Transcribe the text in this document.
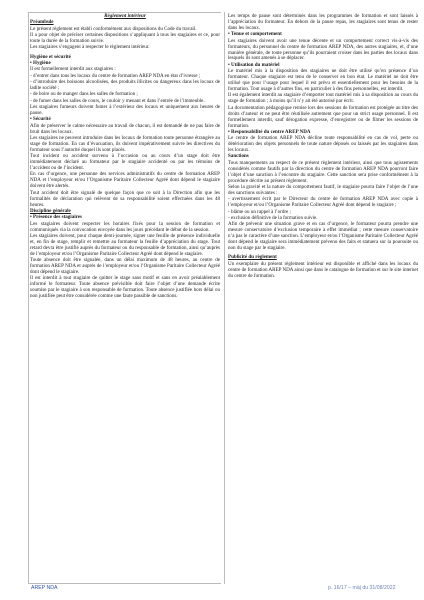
Règlement intérieur

Préambule

Le présent règlement est établi conformément aux dispositions du Code du travail.

Il a pour objet de préciser certaines dispositions s’appliquant à tous les stagiaires et ce, pour toute la durée de la formation suivie.

Les stagiaires s’engagent à respecter le règlement intérieur.

Hygiène et sécurité

• Hygiène

Il est formellement interdit aux stagiaires :

- d’entrer dans tous les locaux du centre de formation AREP NDA en état d’ivresse ;

- d’introduire des boissons alcoolisées, des produits illicites ou dangereux dans les locaux de ladite société ;

- de boire ou de manger dans les salles de formation ;

- de fumer dans les salles de cours, le couloir y menant et dans l’entrée de l’immeuble.

Les stagiaires fumeurs doivent fumer à l’extérieur des locaux et uniquement aux heures de pause.

• Sécurité

Afin de préserver le calme nécessaire au travail de chacun, il est demandé de ne pas faire de bruit dans les locaux.

Les stagiaires ne peuvent introduire dans les locaux de formation toute personne étrangère au stage de formation. En cas d’évacuation, ils doivent impérativement suivre les directives du formateur sous l’autorité duquel ils sont placés.

Tout incident ou accident survenu à l’occasion ou au cours d’un stage doit être immédiatement déclaré au formateur par le stagiaire accidenté ou par les témoins de l’accident ou de l’incident.

En cas d’urgence, une personne des services administratifs du centre de formation AREP NDA et l’employeur et/ou l’Organisme Paritaire Collecteur Agréé dont dépend le stagiaire doivent être alertés.

Tout accident doit être signalé de quelque façon que ce soit à la Direction afin que les formalités de déclaration qui relèvent de sa responsabilité soient effectuées dans les 48 heures.

Discipline générale

• Présence des stagiaires

Les stagiaires doivent respecter les horaires fixés pour la session de formation et communiqués via la convocation envoyée dans les jours précédant le début de la session.

Les stagiaires doivent, pour chaque demi-journée, signer une feuille de présence individuelle et, en fin de stage, remplir et remettre au formateur la feuille d’appréciation du stage. Tout retard devra être justifié auprès du formateur ou du responsable de formation, ainsi qu’auprès de l’employeur et/ou l’Organisme Paritaire Collecteur Agréé dont dépend le stagiaire.

Toute absence doit être signalée, dans un délai maximum de 48 heures, au centre de formation AREP NDA et auprès de l’employeur et/ou l’Organisme Paritaire Collecteur Agréé dont dépend le stagiaire.

Il est interdit à tout stagiaire de quitter le stage sans motif et sans en avoir préalablement informé le formateur. Toute absence prévisible doit faire l’objet d’une demande écrite soumise par le stagiaire à son responsable de formation. Toute absence justifiée hors délai ou non justifiée peut être considérée comme une faute passible de sanctions.

Les temps de pause sont déterminés dans les programmes de formation et sont laissés à l’appréciation du formateur. En dehors de la pause repas, les stagiaires sont tenus de rester dans les locaux.

• Tenue et comportement

Les stagiaires doivent avoir une tenue décente et un comportement correct vis-à-vis des formateurs, du personnel du centre de formation AREP NDA, des autres stagiaires, et, d’une manière générale, de toute personne qu’ils pourraient croiser dans les parties des locaux dans lesquels ils sont amenés à se déplacer.

• Utilisation du matériel

Le matériel mis à la disposition des stagiaires ne doit être utilisé qu’en présence d’un formateur. Chaque stagiaire est tenu de le conserver en bon état. Le matériel ne doit être utilisé que pour l’usage pour lequel il est prévu et essentiellement pour les besoins de la formation. Tout usage à d’autres fins, en particulier à des fins personnelles, est interdit.

Il est également interdit au stagiaire d’emporter tout matériel mis à sa disposition au cours du stage de formation ; à moins qu’il n’y ait été autorisé par écrit.

La documentation pédagogique remise lors des sessions de formation est protégée au titre des droits d’auteur et ne peut être réutilisée autrement que pour un strict usage personnel. Il est formellement interdit, sauf dérogation expresse, d’enregistrer ou de filmer les sessions de formation.

• Responsabilité du centre AREP NDA

Le centre de formation AREP NDA décline toute responsabilité en cas de vol, perte ou détérioration des objets personnels de toute nature déposés ou laissés par les stagiaires dans les locaux.

Sanctions

Tous manquements au respect de ce présent règlement intérieur, ainsi que tous agissements considérés comme fautifs par la direction du centre de formation AREP NDA pourront faire l’objet d’une sanction à l’encontre du stagiaire. Cette sanction sera prise conformément à la procédure décrite au présent règlement.

Selon la gravité et la nature du comportement fautif, le stagiaire pourra faire l’objet de l’une des sanctions suivantes :

- avertissement écrit par le Directeur du centre de formation AREP NDA avec copie à l’employeur et/ou l’Organisme Paritaire Collecteur Agréé dont dépend le stagiaire ;

- blâme ou un rappel à l’ordre ;

- exclusion définitive de la formation suivie.

Afin de prévenir une situation grave et en cas d’urgence, le formateur pourra prendre une mesure conservatoire d’exclusion temporaire à effet immédiat ; cette mesure conservatoire n’a pas le caractère d’une sanction. L’employeur et/ou l’Organisme Paritaire Collecteur Agréé dont dépend le stagiaire sera immédiatement prévenu des faits et statuera sur la poursuite ou non du stage par le stagiaire.

Publicité du règlement

Un exemplaire du présent règlement intérieur est disponible et affiché dans les locaux du centre de formation AREP NDA ainsi que dans le catalogue de formation et sur le site internet du centre de formation.

AREP NDA	p. 16/17 – màj du 31/08/2022
